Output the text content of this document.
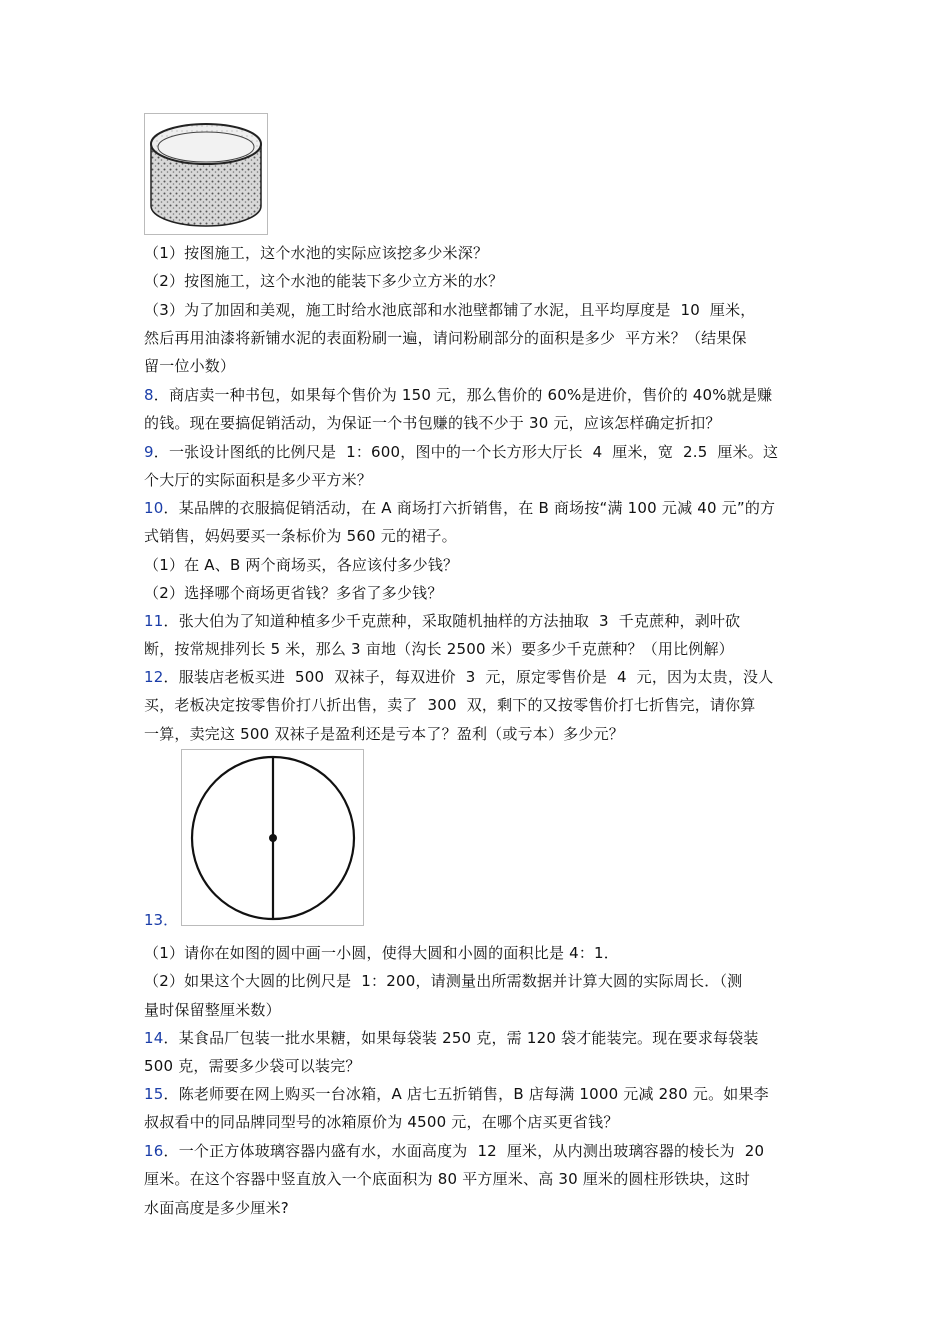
（1）按图施工，这个水池的实际应该挖多少米深？
（2）按图施工，这个水池的能装下多少立方米的水？
（3）为了加固和美观，施工时给水池底部和水池壁都铺了水泥，且平均厚度是  10  厘米，
然后再用油漆将新铺水泥的表面粉刷一遍，请问粉刷部分的面积是多少  平方米？（结果保
留一位小数）
8．商店卖一种书包，如果每个售价为 150 元，那么售价的 60%是进价，售价的 40%就是赚
的钱。现在要搞促销活动，为保证一个书包赚的钱不少于 30 元，应该怎样确定折扣？
9．一张设计图纸的比例尺是  1：600，图中的一个长方形大厅长  4  厘米，宽  2.5  厘米。这
个大厅的实际面积是多少平方米？
10．某品牌的衣服搞促销活动，在 A 商场打六折销售，在 B 商场按“满 100 元减 40 元”的方
式销售，妈妈要买一条标价为 560 元的裙子。
（1）在 A、B 两个商场买，各应该付多少钱？
（2）选择哪个商场更省钱？多省了多少钱？
11．张大伯为了知道种植多少千克蔗种，采取随机抽样的方法抽取  3  千克蔗种，剥叶砍
断，按常规排列长 5 米，那么 3 亩地（沟长 2500 米）要多少千克蔗种？（用比例解）
12．服装店老板买进  500  双袜子，每双进价  3  元，原定零售价是  4  元，因为太贵，没人
买，老板决定按零售价打八折出售，卖了  300  双，剩下的又按零售价打七折售完，请你算
一算，卖完这 500 双袜子是盈利还是亏本了？盈利（或亏本）多少元？
13．
（1）请你在如图的圆中画一小圆，使得大圆和小圆的面积比是 4：1．
（2）如果这个大圆的比例尺是  1：200，请测量出所需数据并计算大圆的实际周长．（测
量时保留整厘米数）
14．某食品厂包装一批水果糖，如果每袋装 250 克，需 120 袋才能装完。现在要求每袋装
500 克，需要多少袋可以装完？
15．陈老师要在网上购买一台冰箱，A 店七五折销售，B 店每满 1000 元减 280 元。如果李
叔叔看中的同品牌同型号的冰箱原价为 4500 元，在哪个店买更省钱？
16．一个正方体玻璃容器内盛有水，水面高度为  12  厘米，从内测出玻璃容器的棱长为  20
厘米。在这个容器中竖直放入一个底面积为 80 平方厘米、高 30 厘米的圆柱形铁块，这时
水面高度是多少厘米?
